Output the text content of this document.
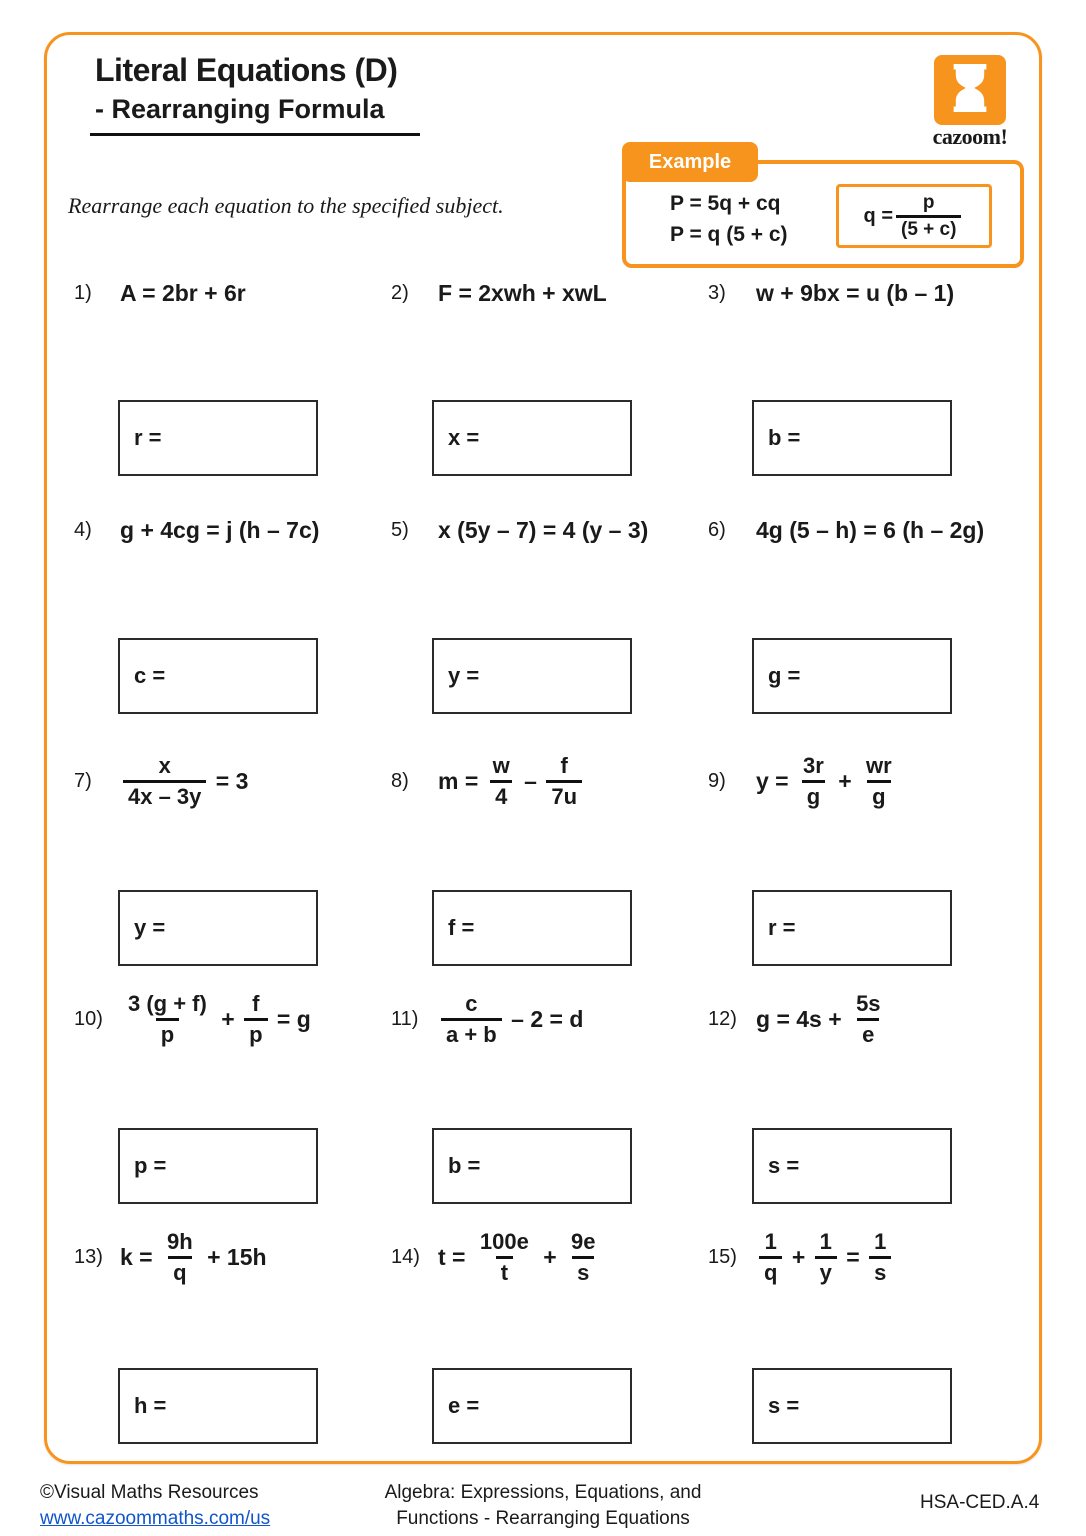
Literal Equations (D)
- Rearranging Formula
cazoom!
Rearrange each equation to the specified subject.
Example
P = 5q + cq
P = q (5 + c)
$q = \frac{p}{(5 + c)}$
1) A = 2br + 6r	2) F = 2xwh + xwL	3) w + 9bx = u (b – 1)
r =	x =	b =
4) g + 4cg = j (h – 7c)	5) x (5y – 7) = 4 (y – 3)	6) 4g (5 – h) = 6 (h – 2g)
c =	y =	g =
$7) \frac{x}{4x - 3y} = 3$	8) $m = \frac{w}{4} - \frac{f}{7u}$	9) $y = \frac{3r}{g} + \frac{wr}{g}$
y =	f =	r =
$10) \frac{3 (g + f)}{p} + \frac{f}{p} = g$	$11) \frac{c}{a + b} - 2 = d$	12) $g = 4s + \frac{5s}{e}$
p =	b =	s =
13) $k = \frac{9h}{q} + 15h$	14) $t = \frac{100e}{t} + \frac{9e}{s}$	$15) \frac{1}{q} + \frac{1}{y} = \frac{1}{s}$
h =	e =	s =
©Visual Maths Resources
www.cazoommaths.com/us
Algebra: Expressions, Equations, and
Functions - Rearranging Equations
HSA-CED.A.4
